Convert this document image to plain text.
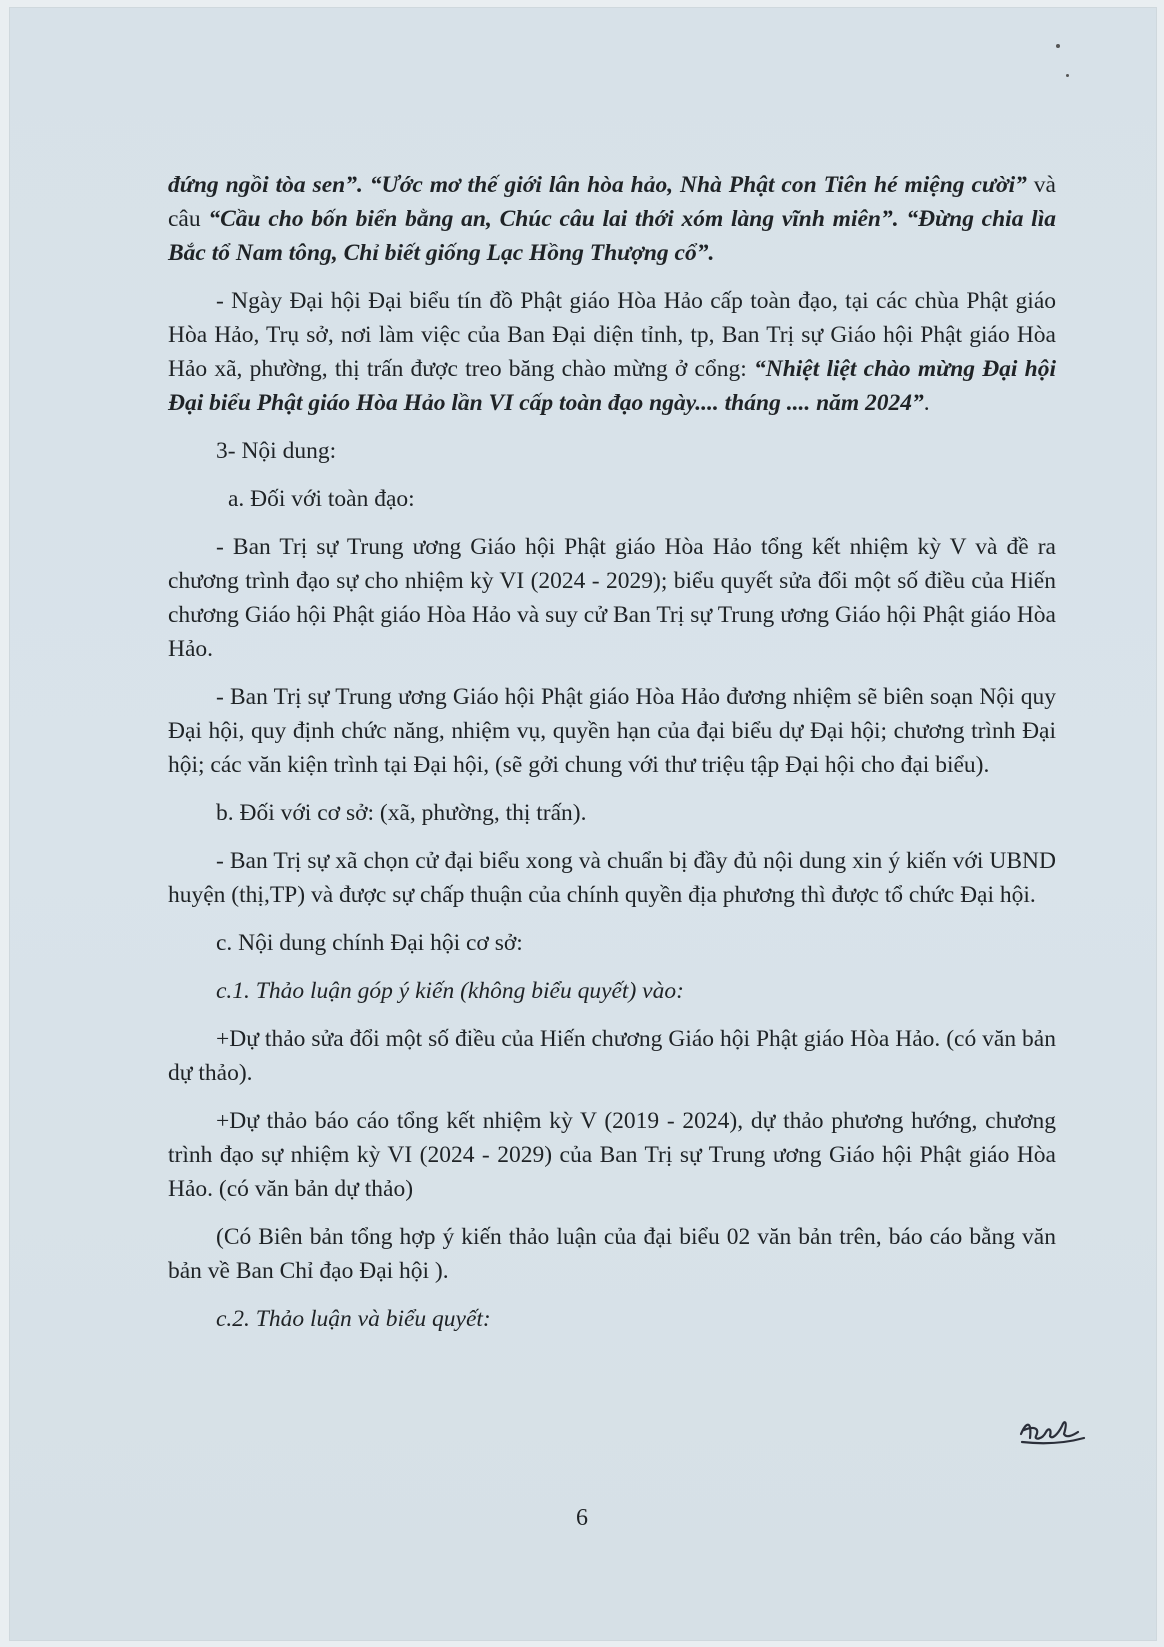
đứng ngồi tòa sen”. “Ước mơ thế giới lân hòa hảo, Nhà Phật con Tiên hé miệng cười” và câu “Cầu cho bốn biển bằng an, Chúc câu lai thới xóm làng vĩnh miên”. “Đừng chia lìa Bắc tổ Nam tông, Chỉ biết giống Lạc Hồng Thượng cổ”.

- Ngày Đại hội Đại biểu tín đồ Phật giáo Hòa Hảo cấp toàn đạo, tại các chùa Phật giáo Hòa Hảo, Trụ sở, nơi làm việc của Ban Đại diện tỉnh, tp, Ban Trị sự Giáo hội Phật giáo Hòa Hảo xã, phường, thị trấn được treo băng chào mừng ở cổng: “Nhiệt liệt chào mừng Đại hội Đại biểu Phật giáo Hòa Hảo lần VI cấp toàn đạo ngày.... tháng .... năm 2024”.

3- Nội dung:

a. Đối với toàn đạo:

- Ban Trị sự Trung ương Giáo hội Phật giáo Hòa Hảo tổng kết nhiệm kỳ V và đề ra chương trình đạo sự cho nhiệm kỳ VI (2024 - 2029); biểu quyết sửa đổi một số điều của Hiến chương Giáo hội Phật giáo Hòa Hảo và suy cử Ban Trị sự Trung ương Giáo hội Phật giáo Hòa Hảo.

- Ban Trị sự Trung ương Giáo hội Phật giáo Hòa Hảo đương nhiệm sẽ biên soạn Nội quy Đại hội, quy định chức năng, nhiệm vụ, quyền hạn của đại biểu dự Đại hội; chương trình Đại hội; các văn kiện trình tại Đại hội, (sẽ gởi chung với thư triệu tập Đại hội cho đại biểu).

b. Đối với cơ sở: (xã, phường, thị trấn).

- Ban Trị sự xã chọn cử đại biểu xong và chuẩn bị đầy đủ nội dung xin ý kiến với UBND huyện (thị,TP) và được sự chấp thuận của chính quyền địa phương thì được tổ chức Đại hội.

c. Nội dung chính Đại hội cơ sở:

c.1. Thảo luận góp ý kiến (không biểu quyết) vào:

+Dự thảo sửa đổi một số điều của Hiến chương Giáo hội Phật giáo Hòa Hảo. (có văn bản dự thảo).

+Dự thảo báo cáo tổng kết nhiệm kỳ V (2019 - 2024), dự thảo phương hướng, chương trình đạo sự nhiệm kỳ VI (2024 - 2029) của Ban Trị sự Trung ương Giáo hội Phật giáo Hòa Hảo. (có văn bản dự thảo)

(Có Biên bản tổng hợp ý kiến thảo luận của đại biểu 02 văn bản trên, báo cáo bằng văn bản về Ban Chỉ đạo Đại hội ).

c.2. Thảo luận và biểu quyết:

6
